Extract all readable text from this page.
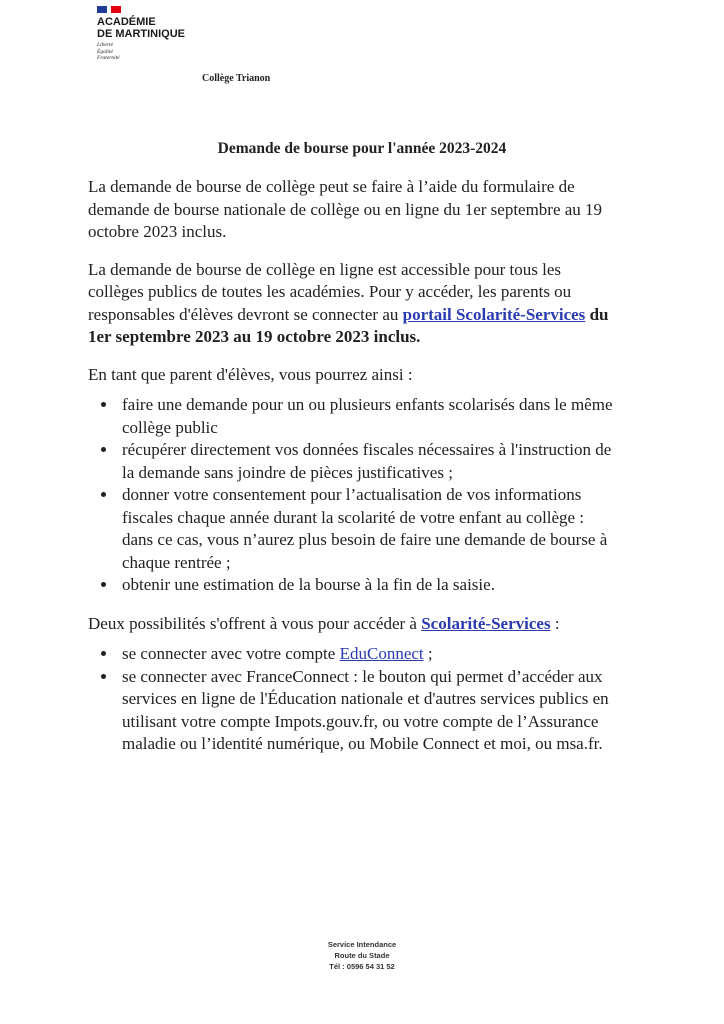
ACADÉMIE
DE MARTINIQUE
Liberté
Égalité
Fraternité
Collège Trianon
Demande de bourse pour l'année 2023-2024

La demande de bourse de collège peut se faire à l’aide du formulaire de demande de bourse nationale de collège ou en ligne du 1er septembre au 19 octobre 2023 inclus.

La demande de bourse de collège en ligne est accessible pour tous les collèges publics de toutes les académies. Pour y accéder, les parents ou responsables d'élèves devront se connecter au portail Scolarité-Services du 1er septembre 2023 au 19 octobre 2023 inclus.

En tant que parent d'élèves, vous pourrez ainsi :

• faire une demande pour un ou plusieurs enfants scolarisés dans le même collège public
• récupérer directement vos données fiscales nécessaires à l'instruction de la demande sans joindre de pièces justificatives ;
• donner votre consentement pour l’actualisation de vos informations fiscales chaque année durant la scolarité de votre enfant au collège : dans ce cas, vous n’aurez plus besoin de faire une demande de bourse à chaque rentrée ;
• obtenir une estimation de la bourse à la fin de la saisie.

Deux possibilités s'offrent à vous pour accéder à Scolarité-Services :

• se connecter avec votre compte EduConnect ;
• se connecter avec FranceConnect : le bouton qui permet d’accéder aux services en ligne de l'Éducation nationale et d'autres services publics en utilisant votre compte Impots.gouv.fr, ou votre compte de l’Assurance maladie ou l’identité numérique, ou Mobile Connect et moi, ou msa.fr.
Service Intendance
Route du Stade
Tél : 0596 54 31 52
